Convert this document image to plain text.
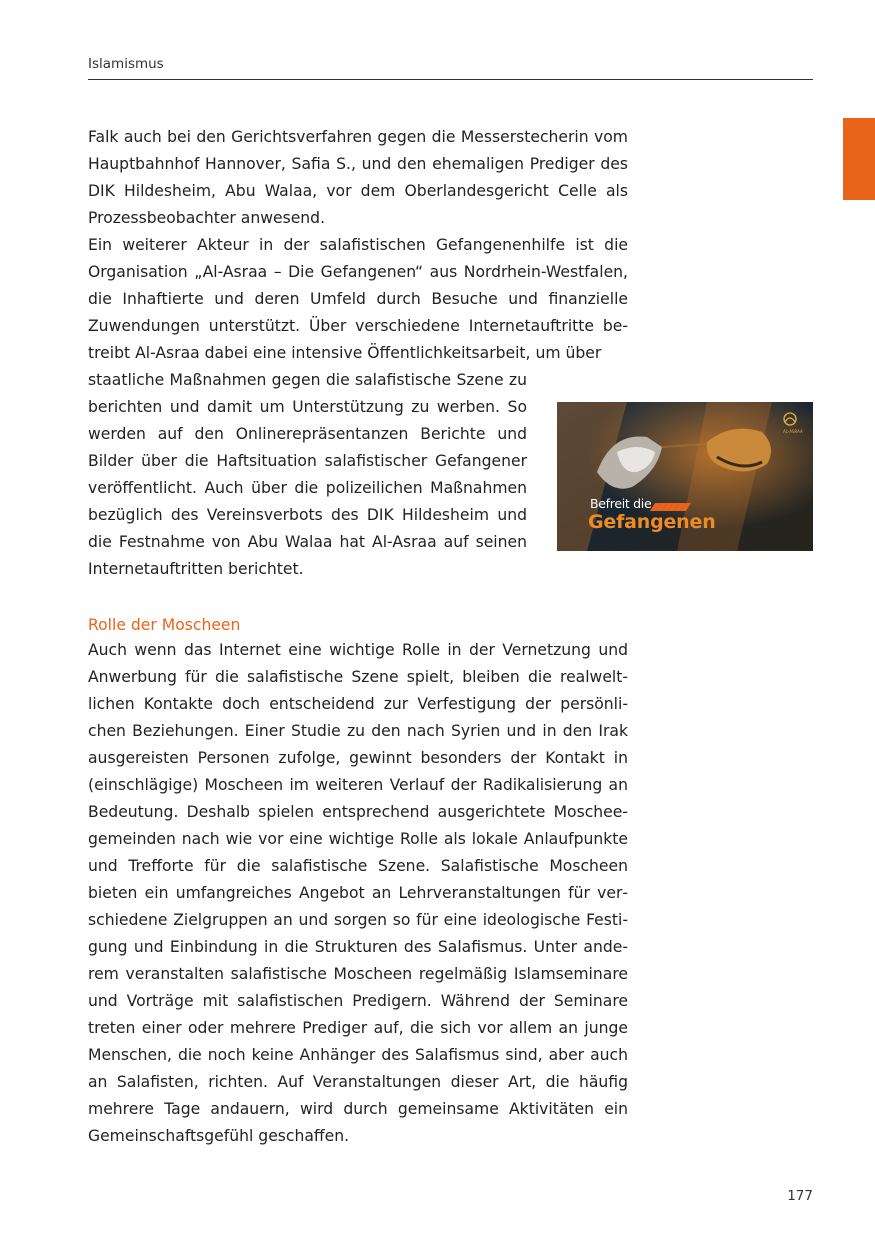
Islamismus

Falk auch bei den Gerichtsverfahren gegen die Messerstecherin vom Hauptbahnhof Hannover, Safia S., und den ehemaligen Prediger des DIK Hildesheim, Abu Walaa, vor dem Oberlandesgericht Celle als Prozessbeobachter anwesend.

Ein weiterer Akteur in der salafistischen Gefangenenhilfe ist die Organisation „Al-Asraa – Die Gefangenen“ aus Nordrhein-Westfalen, die Inhaftierte und deren Umfeld durch Besuche und finanzielle Zuwendungen unterstützt. Über verschiedene Internetauftritte betreibt Al-Asraa dabei eine intensive Öffentlichkeitsarbeit, um über

staatliche Maßnahmen gegen die salafistische Szene zu berichten und damit um Unterstützung zu werben. So werden auf den Onlinerepräsentanzen Berichte und Bilder über die Haftsituation salafistischer Gefangener veröffentlicht. Auch über die polizeilichen Maßnahmen bezüglich des Vereinsverbots des DIK Hildesheim und die Festnahme von Abu Walaa hat Al-Asraa auf seinen Internetauftritten berichtet.

AL-ASRAA
Befreit die
Gefangenen
Rolle der Moscheen

Auch wenn das Internet eine wichtige Rolle in der Vernetzung und Anwerbung für die salafistische Szene spielt, bleiben die realweltlichen Kontakte doch entscheidend zur Verfestigung der persönlichen Beziehungen. Einer Studie zu den nach Syrien und in den Irak ausgereisten Personen zufolge, gewinnt besonders der Kontakt in (einschlägige) Moscheen im weiteren Verlauf der Radikalisierung an Bedeutung. Deshalb spielen entsprechend ausgerichtete Moscheegemeinden nach wie vor eine wichtige Rolle als lokale Anlaufpunkte und Trefforte für die salafistische Szene. Salafistische Moscheen bieten ein umfangreiches Angebot an Lehrveranstaltungen für verschiedene Zielgruppen an und sorgen so für eine ideologische Festigung und Einbindung in die Strukturen des Salafismus. Unter anderem veranstalten salafistische Moscheen regelmäßig Islamseminare und Vorträge mit salafistischen Predigern. Während der Seminare treten einer oder mehrere Prediger auf, die sich vor allem an junge Menschen, die noch keine Anhänger des Salafismus sind, aber auch an Salafisten, richten. Auf Veranstaltungen dieser Art, die häufig mehrere Tage andauern, wird durch gemeinsame Aktivitäten ein Gemeinschaftsgefühl geschaffen.

177
